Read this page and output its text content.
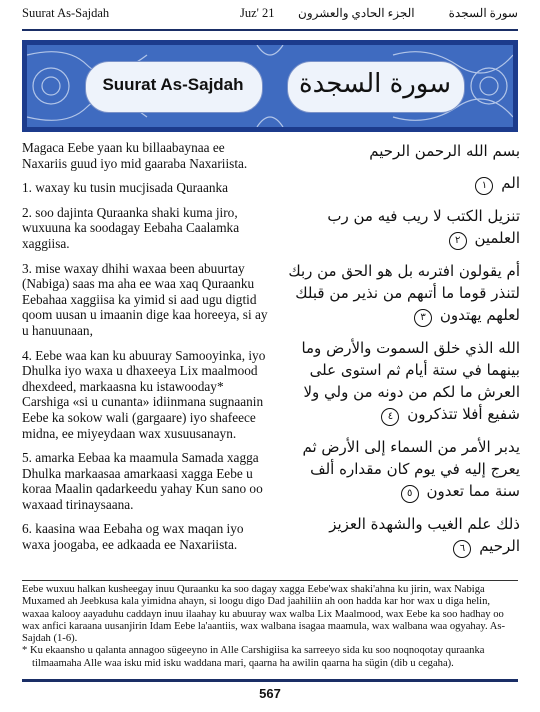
Suurat As-Sajdah	Juz' 21 الجزء الحادي والعشرون	سورة السجدة
Suurat As-Sajdah	سورة السجدة

Magaca Eebe yaan ku billaabaynaa ee Naxariis guud iyo mid gaaraba Naxariista.

1. waxay ku tusin mucjisada Quraanka

2. soo dajinta Quraanka shaki kuma jiro, wuxuuna ka soodagay Eebaha Caalamka xaggiisa.

3. mise waxay dhihi waxaa been abuurtay (Nabiga) saas ma aha ee waa xaq Quraanku Eebahaa xaggiisa ka yimid si aad ugu digtid qoom uusan u imaanin dige kaa horeeya, si ay u hanuunaan,

4. Eebe waa kan ku abuuray Samooyinka, iyo Dhulka iyo waxa u dhaxeeya Lix maalmood dhexdeed, markaasna ku istawooday* Carshiga «si u cunanta» idiinmana sugnaanin Eebe ka sokow wali (gargaare) iyo shafeece midna, ee miyeydaan wax xusuusanayn.

5. amarka Eebaa ka maamula Samada xagga Dhulka markaasaa amarkaasi xagga Eebe u koraa Maalin qadarkeedu yahay Kun sano oo waxaad tirinaysaana.

6. kaasina waa Eebaha og wax maqan iyo waxa joogaba, ee adkaada ee Naxariista.

بسم الله الرحمن الرحيم

الم ١

تنزيل الكتب لا ريب فيه من رب العلمين ٢

أم يقولون افترىه بل هو الحق من ربك لتنذر قوما ما أتىهم من نذير من قبلك لعلهم يهتدون ٣

الله الذي خلق السموت والأرض وما بينهما في ستة أيام ثم استوى على العرش ما لكم من دونه من ولي ولا شفيع أفلا تتذكرون ٤

يدبر الأمر من السماء إلى الأرض ثم يعرج إليه في يوم كان مقداره ألف سنة مما تعدون ٥

ذلك علم الغيب والشهدة العزيز الرحيم ٦

Eebe wuxuu halkan kusheegay inuu Quraanku ka soo dagay xagga Eebe'wax shaki'ahna ku jirin, wax Nabiga Muxamed ah Jeebkusa kala yimidna ahayn, si loogu digo Dad jaahiliin ah oon hadda kar hor wax u diga helin, waxaa kalooy aayaduhu caddayn inuu ilaahay ku abuuray wax walba Lix Maalmood, wax Eebe ka soo hadhay oo wax anfici karaana uusanjirin Idam Eebe la'aantiis, wax walbana isagaa maamula, wax walbana waa ogyahay. As-Sajdah (1-6).

* Ku ekaansho u qalanta annagoo sügeeyno in Alle Carshigiisa ka sarreeyo sida ku soo noqnoqotay quraanka tilmaamaha Alle waa isku mid isku waddana mari, qaarna ha awilin qaarna ha sügin (dib u cegaha).

567
